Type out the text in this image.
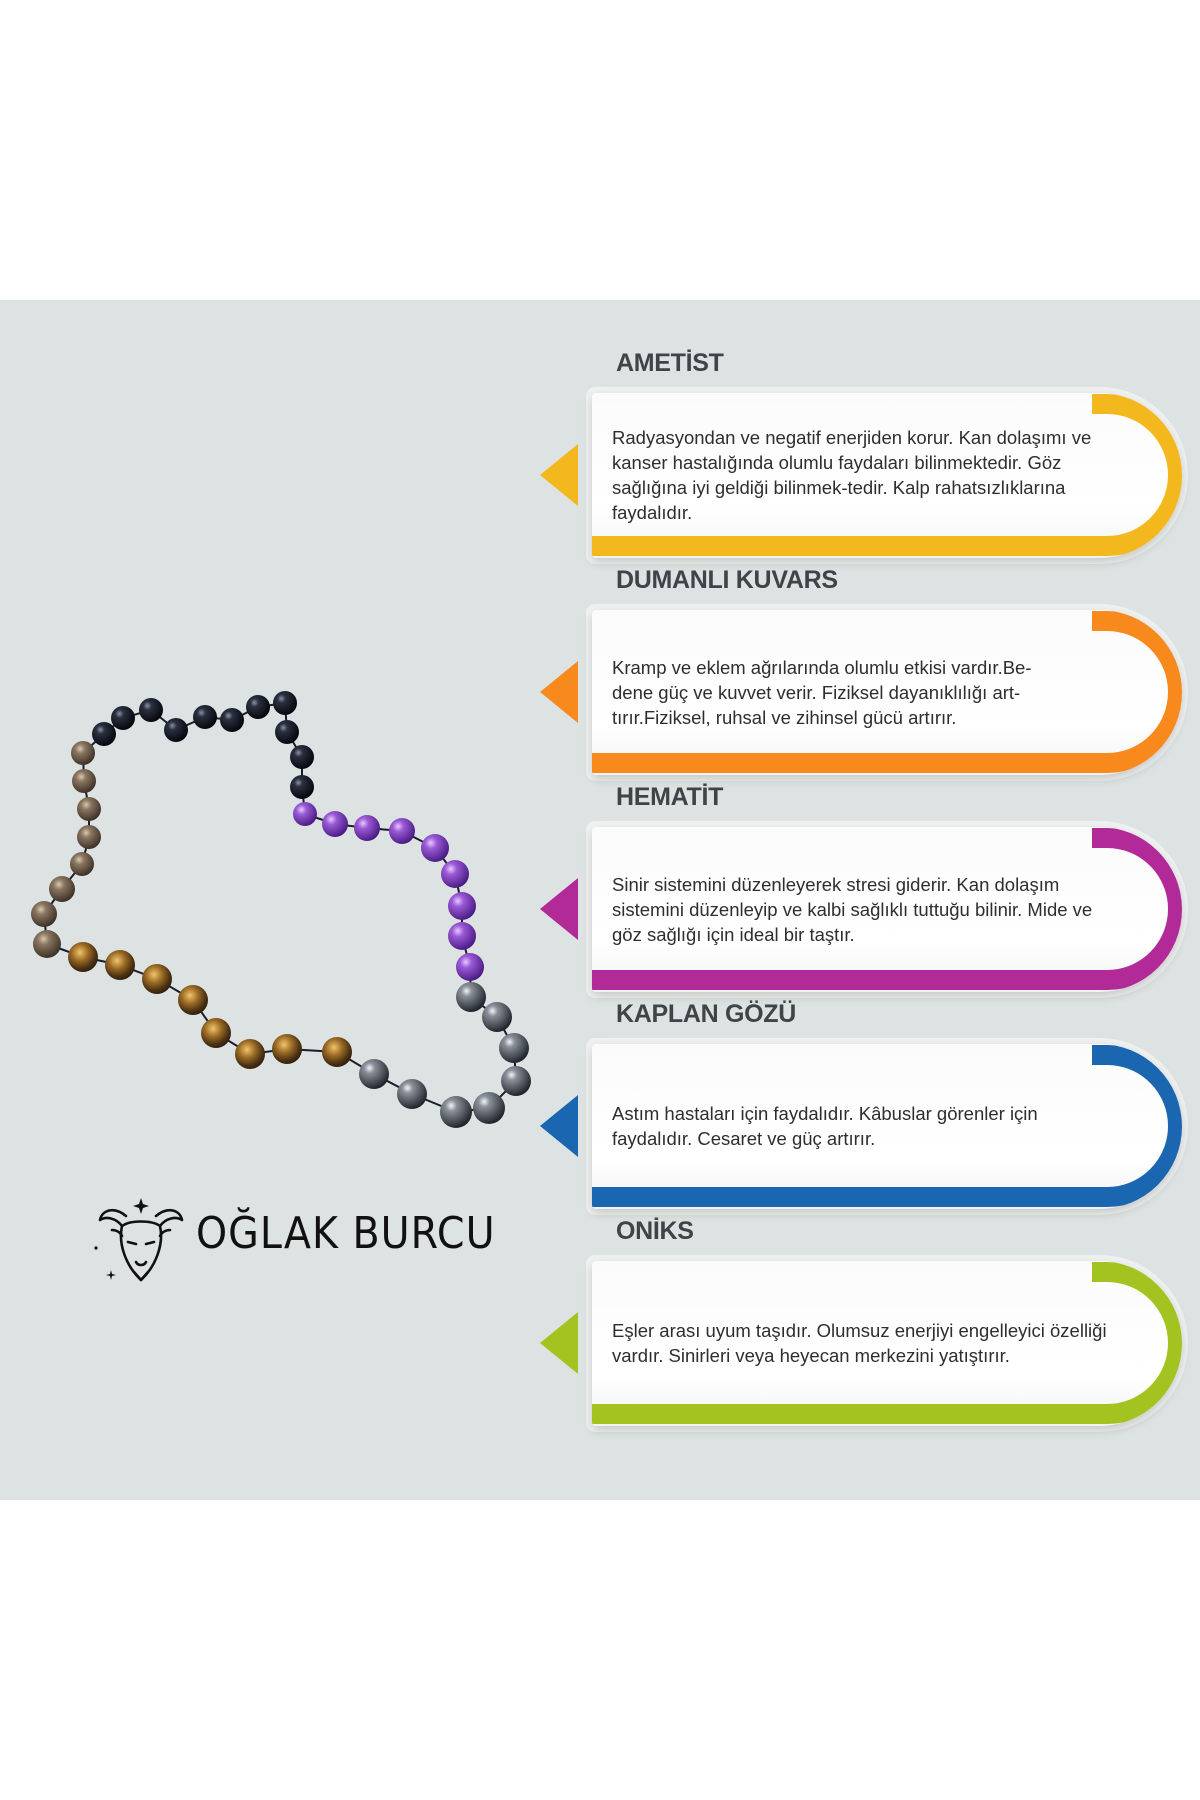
OĞLAK BURCU
AMETİST
Radyasyondan ve negatif enerjiden korur. Kan dolaşımı ve kanser hastalığında olumlu faydaları bilinmektedir. Göz sağlığına iyi geldiği bilinmek-tedir. Kalp rahatsızlıklarına faydalıdır.
DUMANLI KUVARS
Kramp ve eklem ağrılarında olumlu etkisi vardır.Be-
dene güç ve kuvvet verir. Fiziksel dayanıklılığı art-
tırır.Fiziksel, ruhsal ve zihinsel gücü artırır.
HEMATİT
Sinir sistemini düzenleyerek stresi giderir. Kan dolaşım sistemini düzenleyip ve kalbi sağlıklı tuttuğu bilinir. Mide ve göz sağlığı için ideal bir taştır.
KAPLAN GÖZÜ
Astım hastaları için faydalıdır. Kâbuslar görenler için faydalıdır. Cesaret ve güç artırır.
ONİKS
Eşler arası uyum taşıdır. Olumsuz enerjiyi engelleyici özelliği vardır. Sinirleri veya heyecan merkezini yatıştırır.
